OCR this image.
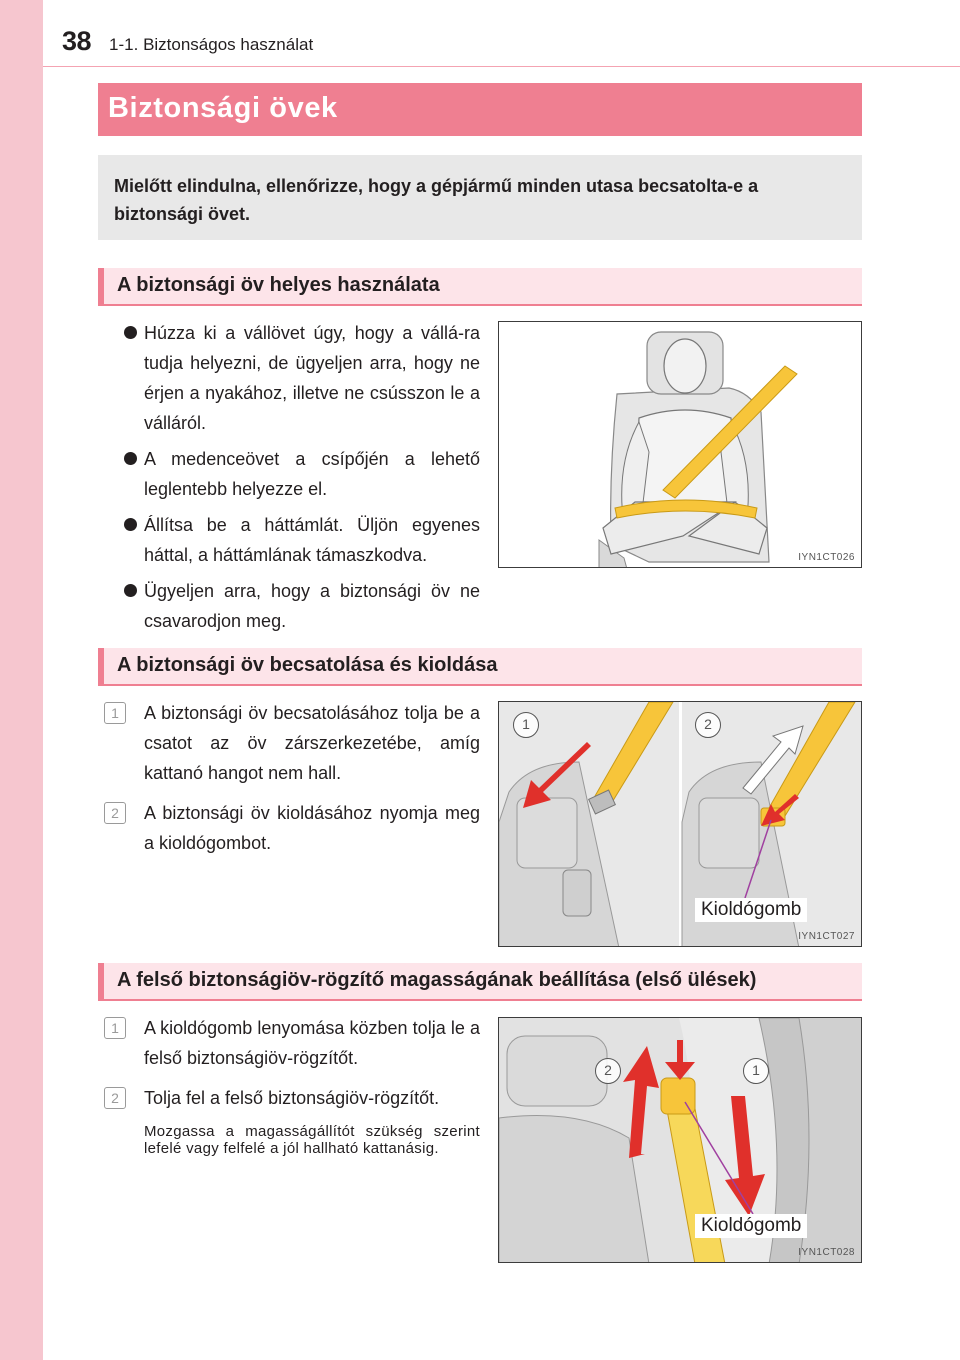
38 1-1. Biztonságos használat
Biztonsági övek
Mielőtt elindulna, ellenőrizze, hogy a gépjármű minden utasa becsatolta-e a biztonsági övet.
A biztonsági öv helyes használata
Húzza ki a vállövet úgy, hogy a vállá-ra tudja helyezni, de ügyeljen arra, hogy ne érjen a nyakához, illetve ne csússzon le a válláról.
A medenceövet a csípőjén a lehető leglentebb helyezze el.
Állítsa be a háttámlát. Üljön egyenes háttal, a háttámlának támaszkodva.
Ügyeljen arra, hogy a biztonsági öv ne csavarodjon meg.
IYN1CT026
A biztonsági öv becsatolása és kioldása
1	A biztonsági öv becsatolásához tolja be a csatot az öv zárszerkezetébe, amíg kattanó hangot nem hall.
2	A biztonsági öv kioldásához nyomja meg a kioldógombot.
1	2
Kioldógomb
IYN1CT027
A felső biztonságiöv-rögzítő magasságának beállítása (első ülések)
1	A kioldógomb lenyomása közben tolja le a felső biztonságiöv-rögzítőt.
2	Tolja fel a felső biztonságiöv-rögzítőt.
Mozgassa a magasságállítót szükség szerint lefelé vagy felfelé a jól hallható kattanásig.
2	1
Kioldógomb
IYN1CT028
